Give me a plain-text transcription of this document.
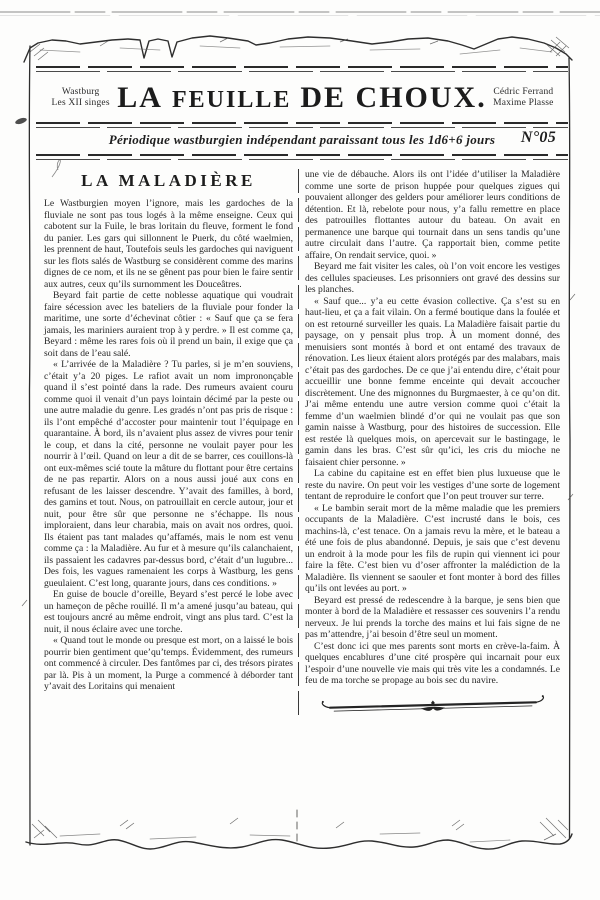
Wastburg
Les XII singes LA FEUILLE DE CHOUX. Cédric Ferrand
Maxime Plasse
Périodique wastburgien indépendant paraissant tous les 1d6+6 jours N°05
LA MALADIÈRE

Le Wastburgien moyen l’ignore, mais les gardoches de la fluviale ne sont pas tous logés à la même enseigne. Ceux qui cabotent sur la Fuile, le bras loritain du fleuve, forment le fond du panier. Les gars qui sillonnent le Puerk, du côté waelmien, les prennent de haut, Toutefois seuls les gardoches qui naviguent sur les flots salés de Wastburg se considèrent comme des marins dignes de ce nom, et ils ne se gênent pas pour bien le faire sentir aux autres, ceux qu’ils surnomment les Douceâtres.

Beyard fait partie de cette noblesse aquatique qui voudrait faire sécession avec les bateliers de la fluviale pour fonder la maritime, une sorte d’échevinat côtier : « Sauf que ça se fera jamais, les mariniers auraient trop à y perdre. » Il est comme ça, Beyard : même les rares fois où il prend un bain, il exige que ça soit dans de l’eau salé.

« L’arrivée de la Maladière ? Tu parles, si je m’en souviens, c’était y’a 20 piges. Le rafiot avait un nom imprononçable quand il s’est pointé dans la rade. Des rumeurs avaient couru comme quoi il venait d’un pays lointain décimé par la peste ou une autre maladie du genre. Les gradés n’ont pas pris de risque : ils l’ont empêché d’accoster pour maintenir tout l’équipage en quarantaine. À bord, ils n’avaient plus assez de vivres pour tenir le coup, et dans la cité, personne ne voulait payer pour les nourrir à l’œil. Quand on leur a dit de se barrer, ces couillons-là ont eux-mêmes scié toute la mâture du flottant pour être certains de ne pas repartir. Alors on a nous aussi joué aux cons en refusant de les laisser descendre. Y’avait des familles, à bord, des gamins et tout. Nous, on patrouillait en cercle autour, jour et nuit, pour être sûr que personne ne s’échappe. Ils nous imploraient, dans leur charabia, mais on avait nos ordres, quoi. Ils étaient pas tant malades qu’affamés, mais le nom est venu comme ça : la Maladière. Au fur et à mesure qu’ils calanchaient, ils passaient les cadavres par-dessus bord, c’était d’un lugubre... Des fois, les vagues ramenaient les corps à Wastburg, les gens gueulaient. C’est long, quarante jours, dans ces conditions. »

En guise de boucle d’oreille, Beyard s’est percé le lobe avec un hameçon de pêche rouillé. Il m’a amené jusqu’au bateau, qui est toujours ancré au même endroit, vingt ans plus tard. C’est la nuit, il nous éclaire avec une torche.

« Quand tout le monde ou presque est mort, on a laissé le bois pourrir bien gentiment que’qu’temps. Évidemment, des rumeurs ont commencé à circuler. Des fantômes par ci, des trésors pirates par là. Pis à un moment, la Purge a commencé à déborder tant y’avait des Loritains qui menaient

une vie de débauche. Alors ils ont l’idée d’utiliser la Maladière comme une sorte de prison huppée pour quelques zigues qui pouvaient allonger des gelders pour améliorer leurs conditions de détention. Et là, rebelote pour nous, y’a fallu remettre en place des patrouilles flottantes autour du bateau. On avait en permanence une barque qui tournait dans un sens tandis qu’une autre circulait dans l’autre. Ça rapportait bien, comme petite affaire, On rendait service, quoi. »

Beyard me fait visiter les cales, où l’on voit encore les vestiges des cellules spacieuses. Les prisonniers ont gravé des dessins sur les planches.

« Sauf que... y’a eu cette évasion collective. Ça s’est su en haut-lieu, et ça a fait vilain. On a fermé boutique dans la foulée et on est retourné surveiller les quais. La Maladière faisait partie du paysage, on y pensait plus trop. À un moment donné, des menuisiers sont montés à bord et ont entamé des travaux de rénovation. Les lieux étaient alors protégés par des malabars, mais c’était pas des gardoches. De ce que j’ai entendu dire, c’était pour accueillir une bonne femme enceinte qui devait accoucher discrètement. Une des mignonnes du Burgmaester, à ce qu’on dit. J’ai même entendu une autre version comme quoi c’était la femme d’un waelmien blindé d’or qui ne voulait pas que son gamin naisse à Wastburg, pour des histoires de succession. Elle est restée là quelques mois, on apercevait sur le bastingage, le gamin dans les bras. C’est sûr qu’ici, les cris du mioche ne faisaient chier personne. »

La cabine du capitaine est en effet bien plus luxueuse que le reste du navire. On peut voir les vestiges d’une sorte de logement tentant de reproduire le confort que l’on peut trouver sur terre.

« Le bambin serait mort de la même maladie que les premiers occupants de la Maladière. C’est incrusté dans le bois, ces machins-là, c’est tenace. On a jamais revu la mère, et le bateau a été une fois de plus abandonné. Depuis, je sais que c’est devenu un endroit à la mode pour les fils de rupin qui viennent ici pour faire la fête. C’est bien vu d’oser affronter la malédiction de la Maladière. Ils viennent se saouler et font monter à bord des filles qu’ils ont levées au port. »

Beyard est pressé de redescendre à la barque, je sens bien que monter à bord de la Maladière et ressasser ces souvenirs l’a rendu nerveux. Je lui prends la torche des mains et lui fais signe de ne pas m’attendre, j’ai besoin d’être seul un moment.

C’est donc ici que mes parents sont morts en crève-la-faim. À quelques encablures d’une cité prospère qui incarnait pour eux l’espoir d’une nouvelle vie mais qui très vite les a condamnés. Le feu de ma torche se propage au bois sec du navire.
